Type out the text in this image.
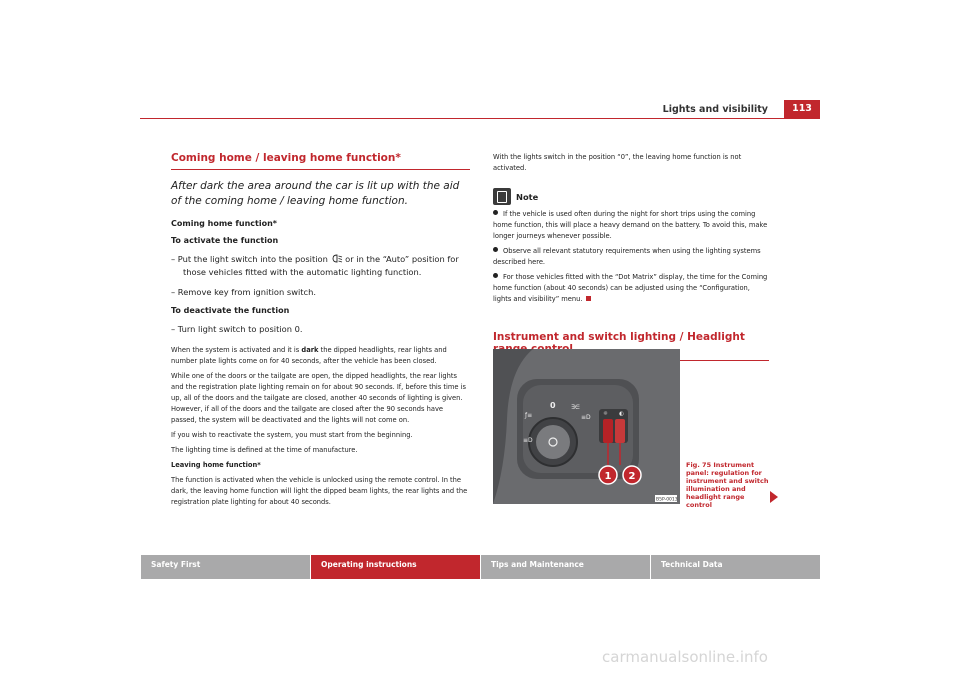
Lights and visibility	113
Coming home / leaving home function*

After dark the area around the car is lit up with the aid of the coming home / leaving home function.

Coming home function*

To activate the function

– Put the light switch into the position  or in the “Auto” position for those vehicles fitted with the automatic lighting function.

– Remove key from ignition switch.

To deactivate the function

– Turn light switch to position 0.

When the system is activated and it is dark the dipped headlights, rear lights and number plate lights come on for 40 seconds, after the vehicle has been closed.

While one of the doors or the tailgate are open, the dipped headlights, the rear lights and the registration plate lighting remain on for about 90 seconds. If, before this time is up, all of the doors and the tailgate are closed, another 40 seconds of lighting is given. However, if all of the doors and the tailgate are closed after the 90 seconds have passed, the system will be deactivated and the lights will not come on.

If you wish to reactivate the system, you must start from the beginning.

The lighting time is defined at the time of manufacture.

Leaving home function*

The function is activated when the vehicle is unlocked using the remote control. In the dark, the leaving home function will light the dipped beam lights, the rear lights and the registration plate lighting for about 40 seconds.

With the lights switch in the position “0”, the leaving home function is not activated.

Note

If the vehicle is used often during the night for short trips using the coming home function, this will place a heavy demand on the battery. To avoid this, make longer journeys whenever possible.

Observe all relevant statutory requirements when using the lighting systems described here.

For those vehicles fitted with the “Dot Matrix” display, the time for the Coming home function (about 40 seconds) can be adjusted using the “Configuration, lights and visibility” menu.

Instrument and switch lighting / Headlight
0
ƒ≡
≡D
∃∈
≡D ☼ ◐
1 2
B5P-0013
Fig. 75 Instrument panel: regulation for instrument and switch illumination and headlight range control
Safety First	Operating instructions	Tips and Maintenance	Technical Data
carmanualsonline.info
